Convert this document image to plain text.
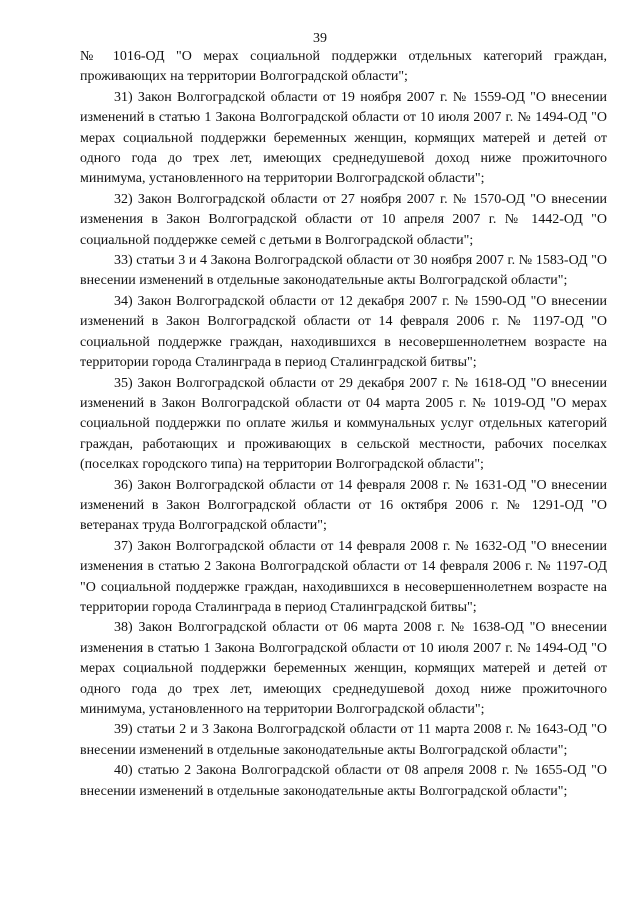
39

№ 1016-ОД "О мерах социальной поддержки отдельных категорий граждан, проживающих на территории Волгоградской области";

31) Закон Волгоградской области от 19 ноября 2007 г. № 1559-ОД "О внесении изменений в статью 1 Закона Волгоградской области от 10 июля 2007 г. № 1494-ОД "О мерах социальной поддержки беременных женщин, кормящих матерей и детей от одного года до трех лет, имеющих среднедушевой доход ниже прожиточного минимума, установленного на территории Волгоградской области";

32) Закон Волгоградской области от 27 ноября 2007 г. № 1570-ОД "О внесении изменения в Закон Волгоградской области от 10 апреля 2007 г. № 1442-ОД "О социальной поддержке семей с детьми в Волгоградской области";

33) статьи 3 и 4 Закона Волгоградской области от 30 ноября 2007 г. № 1583-ОД "О внесении изменений в отдельные законодательные акты Волгоградской области";

34) Закон Волгоградской области от 12 декабря 2007 г. № 1590-ОД "О внесении изменений в Закон Волгоградской области от 14 февраля 2006 г. № 1197-ОД "О социальной поддержке граждан, находившихся в несовершеннолетнем возрасте на территории города Сталинграда в период Сталинградской битвы";

35) Закон Волгоградской области от 29 декабря 2007 г. № 1618-ОД "О внесении изменений в Закон Волгоградской области от 04 марта 2005 г. № 1019-ОД "О мерах социальной поддержки по оплате жилья и коммунальных услуг отдельных категорий граждан, работающих и проживающих в сельской местности, рабочих поселках (поселках городского типа) на территории Волгоградской области";

36) Закон Волгоградской области от 14 февраля 2008 г. № 1631-ОД "О внесении изменений в Закон Волгоградской области от 16 октября 2006 г. № 1291-ОД "О ветеранах труда Волгоградской области";

37) Закон Волгоградской области от 14 февраля 2008 г. № 1632-ОД "О внесении изменения в статью 2 Закона Волгоградской области от 14 февраля 2006 г. № 1197-ОД "О социальной поддержке граждан, находившихся в несовершеннолетнем возрасте на территории города Сталинграда в период Сталинградской битвы";

38) Закон Волгоградской области от 06 марта 2008 г. № 1638-ОД "О внесении изменения в статью 1 Закона Волгоградской области от 10 июля 2007 г. № 1494-ОД "О мерах социальной поддержки беременных женщин, кормящих матерей и детей от одного года до трех лет, имеющих среднедушевой доход ниже прожиточного минимума, установленного на территории Волгоградской области";

39) статьи 2 и 3 Закона Волгоградской области от 11 марта 2008 г. № 1643-ОД "О внесении изменений в отдельные законодательные акты Волгоградской области";

40) статью 2 Закона Волгоградской области от 08 апреля 2008 г. № 1655-ОД "О внесении изменений в отдельные законодательные акты Волгоградской области";
